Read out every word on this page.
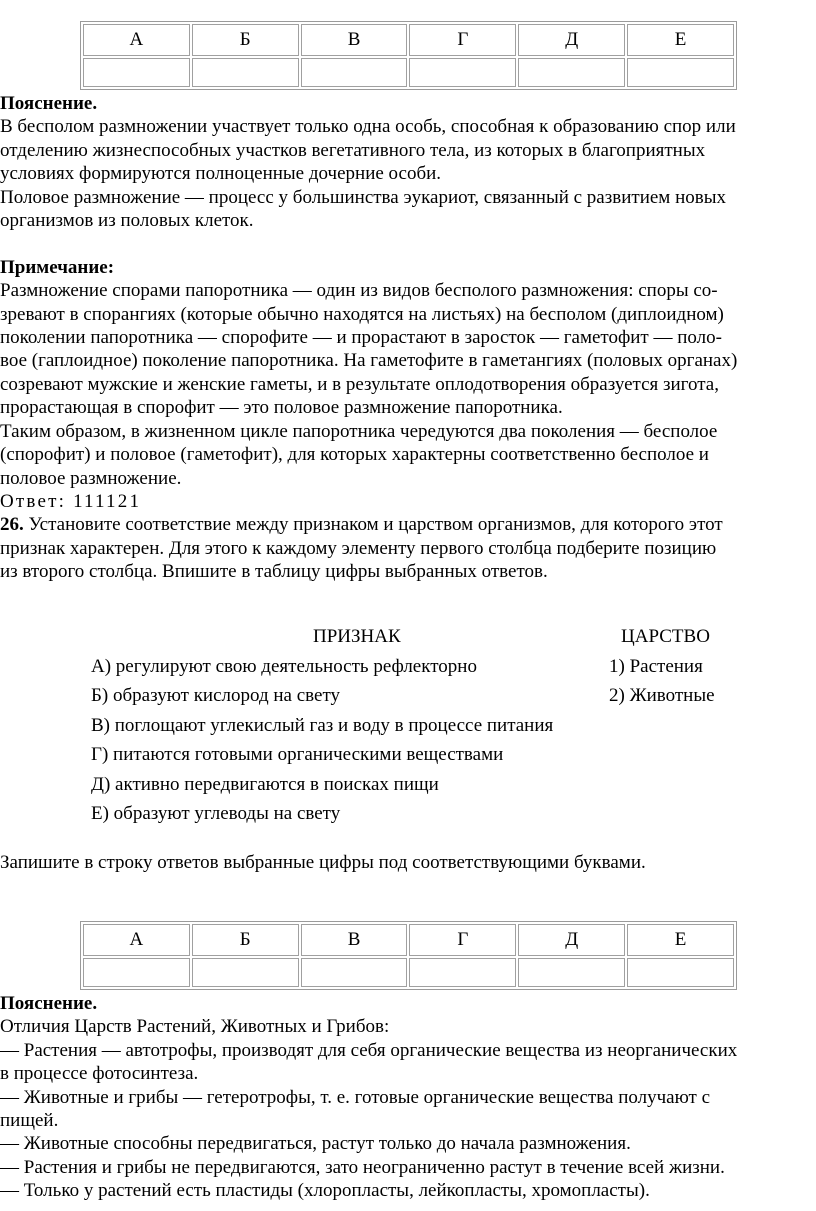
А	Б	В	Г	Д	Е

Пояснение.

В бесполом размножении участвует только одна особь, способная к образованию спор или

отделению жизнеспособных участков вегетативного тела, из которых в благоприятных

условиях формируются полноценные дочерние особи.

Половое размножение — процесс у большинства эукариот, связанный с развитием новых

организмов из половых клеток.

Примечание:

Размножение спорами папоротника — один из видов бесполого размножения: споры со-

зревают в спорангиях (которые обычно находятся на листьях) на бесполом (диплоидном)

поколении папоротника — спорофите — и прорастают в заросток — гаметофит — поло-

вое (гаплоидное) поколение папоротника. На гаметофите в гаметангиях (половых органах)

созревают мужские и женские гаметы, и в результате оплодотворения образуется зигота,

прорастающая в спорофит — это половое размножение папоротника.

Таким образом, в жизненном цикле папоротника чередуются два поколения — бесполое

(спорофит) и половое (гаметофит), для которых характерны соответственно бесполое и

половое размножение.

Ответ: 111121

26. Установите соответствие между признаком и царством организмов, для которого этот

признак характерен. Для этого к каждому элементу первого столбца подберите позицию

из второго столбца. Впишите в таблицу цифры выбранных ответов.

ПРИЗНАК	ЦАРСТВО
А) регулируют свою деятельность рефлекторно	1) Растения
Б) образуют кислород на свету	2) Животные
В) поглощают углекислый газ и воду в процессе питания
Г) питаются готовыми органическими веществами
Д) активно передвигаются в поисках пищи
Е) образуют углеводы на свету

Запишите в строку ответов выбранные цифры под соответствующими буквами.

А	Б	В	Г	Д	Е

Пояснение.

Отличия Царств Растений, Животных и Грибов:

— Растения — автотрофы, производят для себя органические вещества из неорганических

в процессе фотосинтеза.

— Животные и грибы — гетеротрофы, т. е. готовые органические вещества получают с

пищей.

— Животные способны передвигаться, растут только до начала размножения.

— Растения и грибы не передвигаются, зато неограниченно растут в течение всей жизни.

— Только у растений есть пластиды (хлоропласты, лейкопласты, хромопласты).
